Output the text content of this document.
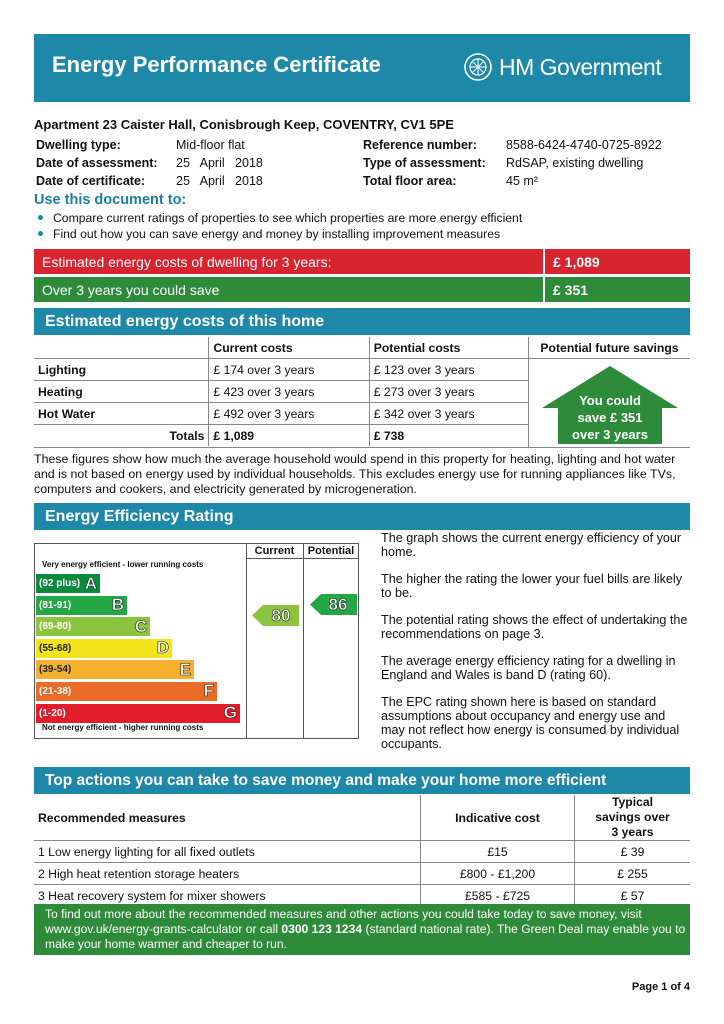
Energy Performance Certificate	HM Government
Apartment 23 Caister Hall, Conisbrough Keep, COVENTRY, CV1 5PE
Dwelling type:	Mid-floor flat
Date of assessment:	25   April   2018
Date of certificate:	25   April   2018
Reference number:	8588-6424-4740-0725-8922
Type of assessment:	RdSAP, existing dwelling
Total floor area:	45 m²
Use this document to:
Compare current ratings of properties to see which properties are more energy efficient
Find out how you can save energy and money by installing improvement measures
Estimated energy costs of dwelling for 3 years:	£ 1,089
Over 3 years you could save	£ 351
Estimated energy costs of this home
	Current costs	Potential costs
Lighting	£ 174 over 3 years	£ 123 over 3 years
Heating	£ 423 over 3 years	£ 273 over 3 years
Hot Water	£ 492 over 3 years	£ 342 over 3 years
Totals	£ 1,089	£ 738
Potential future savings
You could
save £ 351
over 3 years
These figures show how much the average household would spend in this property for heating, lighting and hot water and is not based on energy used by individual households. This excludes energy use for running appliances like TVs, computers and cookers, and electricity generated by microgeneration.
Energy Efficiency Rating
Current	Potential
Very energy efficient - lower running costs
Not energy efficient - higher running costs
(92 plus) A
(81-91) B
(69-80)	C
(55-68)	D
(39-54)	E
(21-38)	F
(1-20)	G
80
86
The graph shows the current energy efficiency of your home.
The higher the rating the lower your fuel bills are likely to be.
The potential rating shows the effect of undertaking the recommendations on page 3.
The average energy efficiency rating for a dwelling in England and Wales is band D (rating 60).
The EPC rating shown here is based on standard assumptions about occupancy and energy use and may not reflect how energy is consumed by individual occupants.
Top actions you can take to save money and make your home more efficient
Recommended measures	Indicative cost	Typical savings over 3 years
1 Low energy lighting for all fixed outlets	£15	£ 39
2 High heat retention storage heaters	£800 - £1,200	£ 255
3 Heat recovery system for mixer showers	£585 - £725	£ 57
To find out more about the recommended measures and other actions you could take today to save money, visit
www.gov.uk/energy-grants-calculator or call 0300 123 1234 (standard national rate). The Green Deal may enable you to
make your home warmer and cheaper to run.
Page 1 of 4
